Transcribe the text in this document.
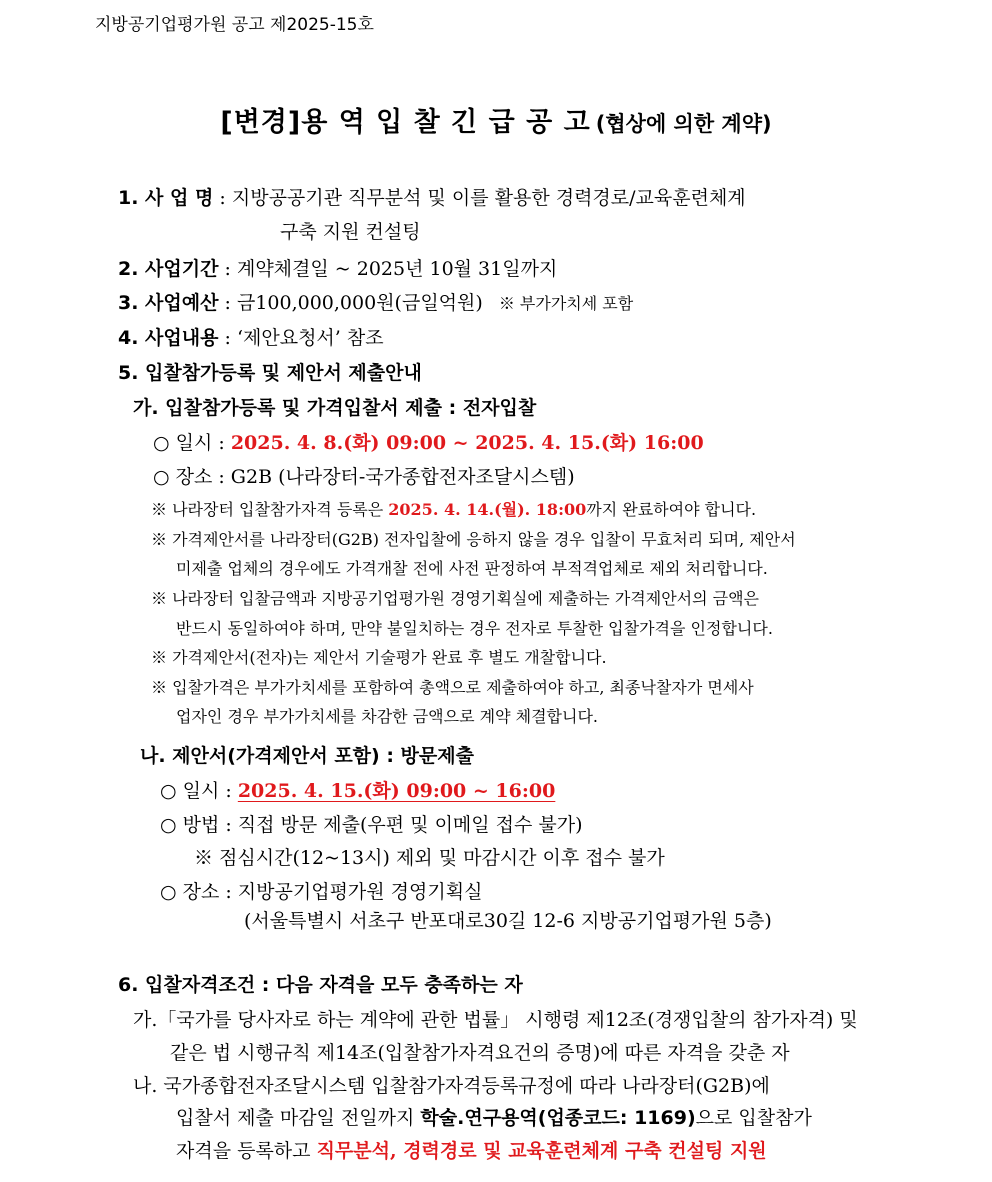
지방공기업평가원 공고 제2025-15호
[변경]용 역 입 찰 긴 급 공 고 (협상에 의한 계약)
1. 사 업 명 : 지방공공기관 직무분석 및 이를 활용한 경력경로/교육훈련체계
구축 지원 컨설팅
2. 사업기간 : 계약체결일 ~ 2025년 10월 31일까지
3. 사업예산 : 금100,000,000원(금일억원) ※ 부가가치세 포함
4. 사업내용 : ‘제안요청서’ 참조
5. 입찰참가등록 및 제안서 제출안내
가. 입찰참가등록 및 가격입찰서 제출 : 전자입찰
○ 일시 : 2025. 4. 8.(화) 09:00 ~ 2025. 4. 15.(화) 16:00
○ 장소 : G2B (나라장터-국가종합전자조달시스템)
※ 나라장터 입찰참가자격 등록은 2025. 4. 14.(월). 18:00까지 완료하여야 합니다.
※ 가격제안서를 나라장터(G2B) 전자입찰에 응하지 않을 경우 입찰이 무효처리 되며, 제안서
미제출 업체의 경우에도 가격개찰 전에 사전 판정하여 부적격업체로 제외 처리합니다.
※ 나라장터 입찰금액과 지방공기업평가원 경영기획실에 제출하는 가격제안서의 금액은
반드시 동일하여야 하며, 만약 불일치하는 경우 전자로 투찰한 입찰가격을 인정합니다.
※ 가격제안서(전자)는 제안서 기술평가 완료 후 별도 개찰합니다.
※ 입찰가격은 부가가치세를 포함하여 총액으로 제출하여야 하고, 최종낙찰자가 면세사
업자인 경우 부가가치세를 차감한 금액으로 계약 체결합니다.
나. 제안서(가격제안서 포함) : 방문제출
○ 일시 : 2025. 4. 15.(화) 09:00 ~ 16:00
○ 방법 : 직접 방문 제출(우편 및 이메일 접수 불가)
※ 점심시간(12~13시) 제외 및 마감시간 이후 접수 불가
○ 장소 : 지방공기업평가원 경영기획실
(서울특별시 서초구 반포대로30길 12-6 지방공기업평가원 5층)
6. 입찰자격조건 : 다음 자격을 모두 충족하는 자
가.「국가를 당사자로 하는 계약에 관한 법률」 시행령 제12조(경쟁입찰의 참가자격) 및
같은 법 시행규칙 제14조(입찰참가자격요건의 증명)에 따른 자격을 갖춘 자
나. 국가종합전자조달시스템 입찰참가자격등록규정에 따라 나라장터(G2B)에
입찰서 제출 마감일 전일까지 학술.연구용역(업종코드: 1169)으로 입찰참가
자격을 등록하고 직무분석, 경력경로 및 교육훈련체계 구축 컨설팅 지원
